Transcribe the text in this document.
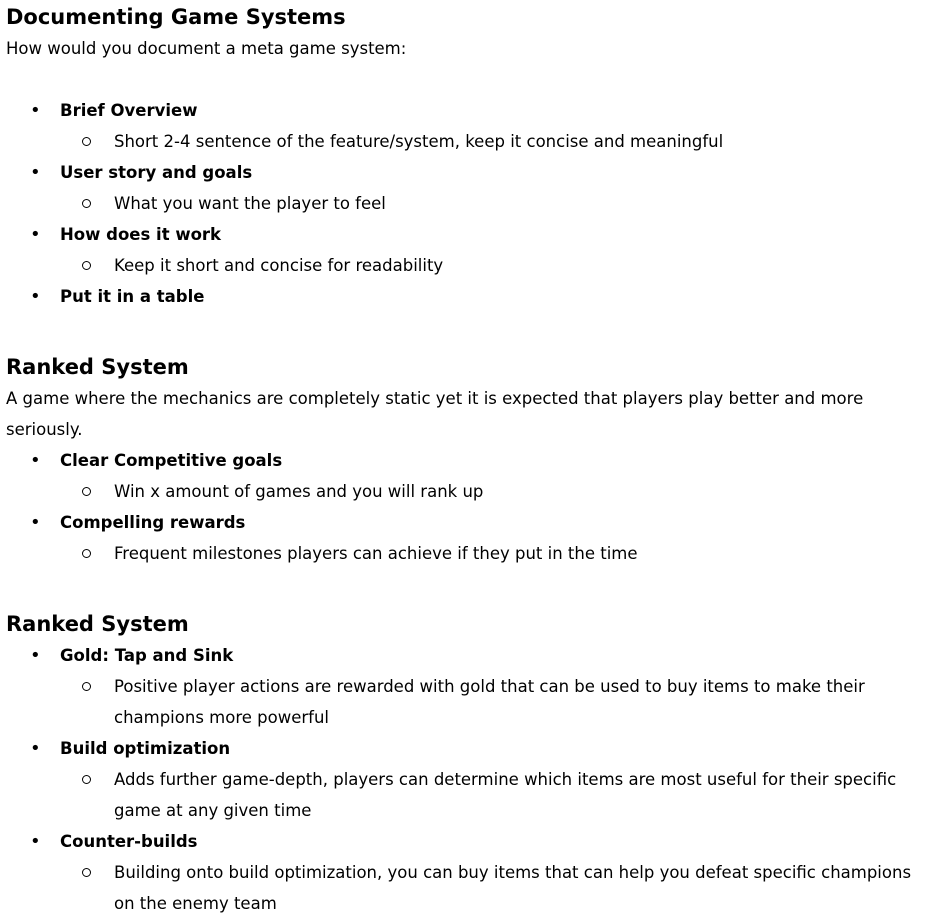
Documenting Game Systems

How would you document a meta game system:

• Brief Overview
Short 2-4 sentence of the feature/system, keep it concise and meaningful
• User story and goals
What you want the player to feel
• How does it work
Keep it short and concise for readability
• Put it in a table
Ranked System

A game where the mechanics are completely static yet it is expected that players play better and more seriously.

• Clear Competitive goals
Win x amount of games and you will rank up
• Compelling rewards
Frequent milestones players can achieve if they put in the time
Ranked System
• Gold: Tap and Sink
Positive player actions are rewarded with gold that can be used to buy items to make their champions more powerful
• Build optimization
Adds further game-depth, players can determine which items are most useful for their specific game at any given time
• Counter-builds
Building onto build optimization, you can buy items that can help you defeat specific champions on the enemy team
